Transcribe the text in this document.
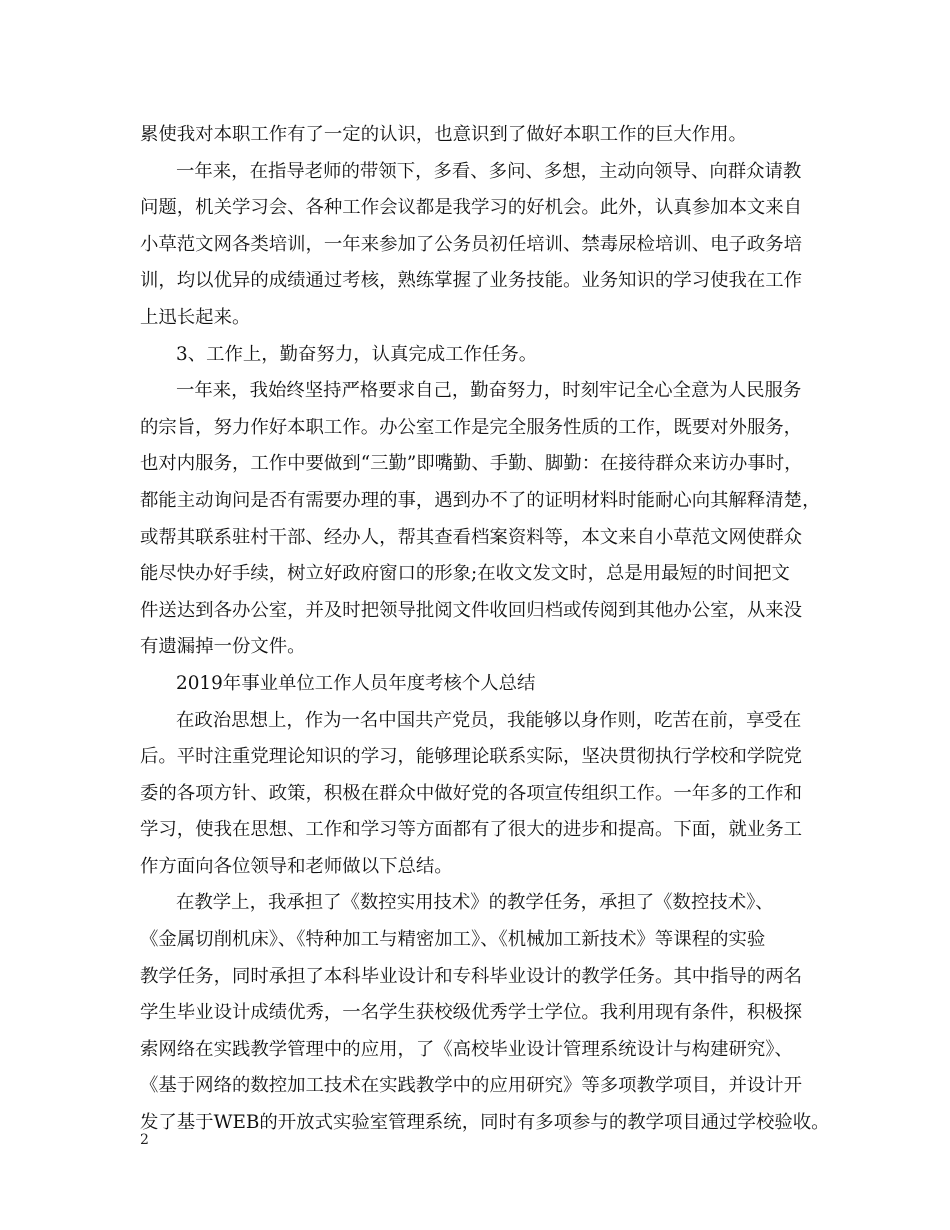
累使我对本职工作有了一定的认识，也意识到了做好本职工作的巨大作用。
一年来，在指导老师的带领下，多看、多问、多想，主动向领导、向群众请教
问题，机关学习会、各种工作会议都是我学习的好机会。此外，认真参加本文来自
小草范文网各类培训，一年来参加了公务员初任培训、禁毒尿检培训、电子政务培
训，均以优异的成绩通过考核，熟练掌握了业务技能。业务知识的学习使我在工作
上迅长起来。
3、工作上，勤奋努力，认真完成工作任务。
一年来，我始终坚持严格要求自己，勤奋努力，时刻牢记全心全意为人民服务
的宗旨，努力作好本职工作。办公室工作是完全服务性质的工作，既要对外服务，
也对内服务，工作中要做到“三勤”即嘴勤、手勤、脚勤：在接待群众来访办事时，
都能主动询问是否有需要办理的事，遇到办不了的证明材料时能耐心向其解释清楚，
或帮其联系驻村干部、经办人，帮其查看档案资料等，本文来自小草范文网使群众
能尽快办好手续，树立好政府窗口的形象;在收文发文时，总是用最短的时间把文
件送达到各办公室，并及时把领导批阅文件收回归档或传阅到其他办公室，从来没
有遗漏掉一份文件。
2019年事业单位工作人员年度考核个人总结
在政治思想上，作为一名中国共产党员，我能够以身作则，吃苦在前，享受在
后。平时注重党理论知识的学习，能够理论联系实际，坚决贯彻执行学校和学院党
委的各项方针、政策，积极在群众中做好党的各项宣传组织工作。一年多的工作和
学习，使我在思想、工作和学习等方面都有了很大的进步和提高。下面，就业务工
作方面向各位领导和老师做以下总结。
在教学上，我承担了《数控实用技术》的教学任务，承担了《数控技术》、
《金属切削机床》、《特种加工与精密加工》、《机械加工新技术》等课程的实验
教学任务，同时承担了本科毕业设计和专科毕业设计的教学任务。其中指导的两名
学生毕业设计成绩优秀，一名学生获校级优秀学士学位。我利用现有条件，积极探
索网络在实践教学管理中的应用，了《高校毕业设计管理系统设计与构建研究》、
《基于网络的数控加工技术在实践教学中的应用研究》等多项教学项目，并设计开
发了基于WEB的开放式实验室管理系统，同时有多项参与的教学项目通过学校验收。
2
